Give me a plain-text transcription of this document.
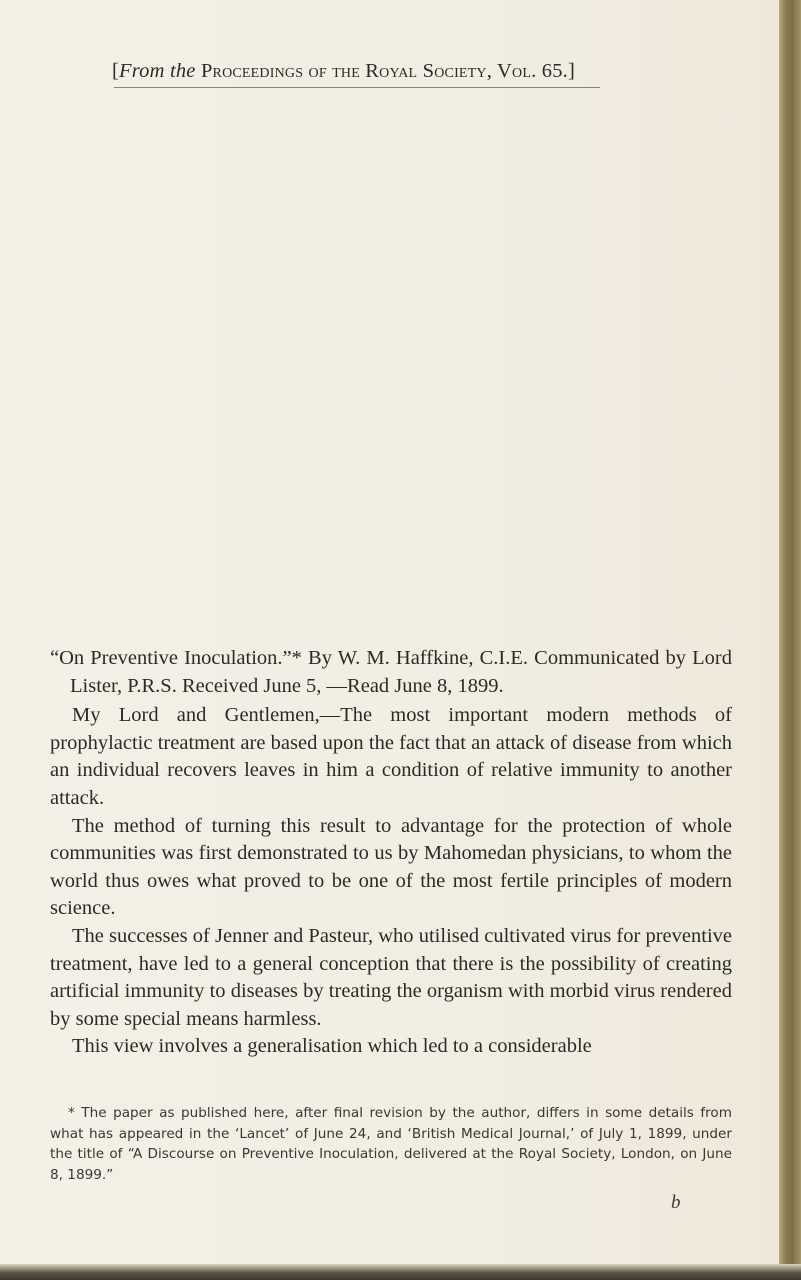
[From the Proceedings of the Royal Society, Vol. 65.]

“On Preventive Inoculation.”* By W. M. Haffkine, C.I.E. Communicated by Lord Lister, P.R.S. Received June 5, —Read June 8, 1899.

My Lord and Gentlemen,—The most important modern methods of prophylactic treatment are based upon the fact that an attack of disease from which an individual recovers leaves in him a condition of relative immunity to another attack.

The method of turning this result to advantage for the protection of whole communities was first demonstrated to us by Mahomedan physicians, to whom the world thus owes what proved to be one of the most fertile principles of modern science.

The successes of Jenner and Pasteur, who utilised cultivated virus for preventive treatment, have led to a general conception that there is the possibility of creating artificial immunity to diseases by treating the organism with morbid virus rendered by some special means harmless.

This view involves a generalisation which led to a considerable

* The paper as published here, after final revision by the author, differs in some details from what has appeared in the ‘Lancet’ of June 24, and ‘British Medical Journal,’ of July 1, 1899, under the title of “A Discourse on Preventive Inoculation, delivered at the Royal Society, London, on June 8, 1899.”
b
